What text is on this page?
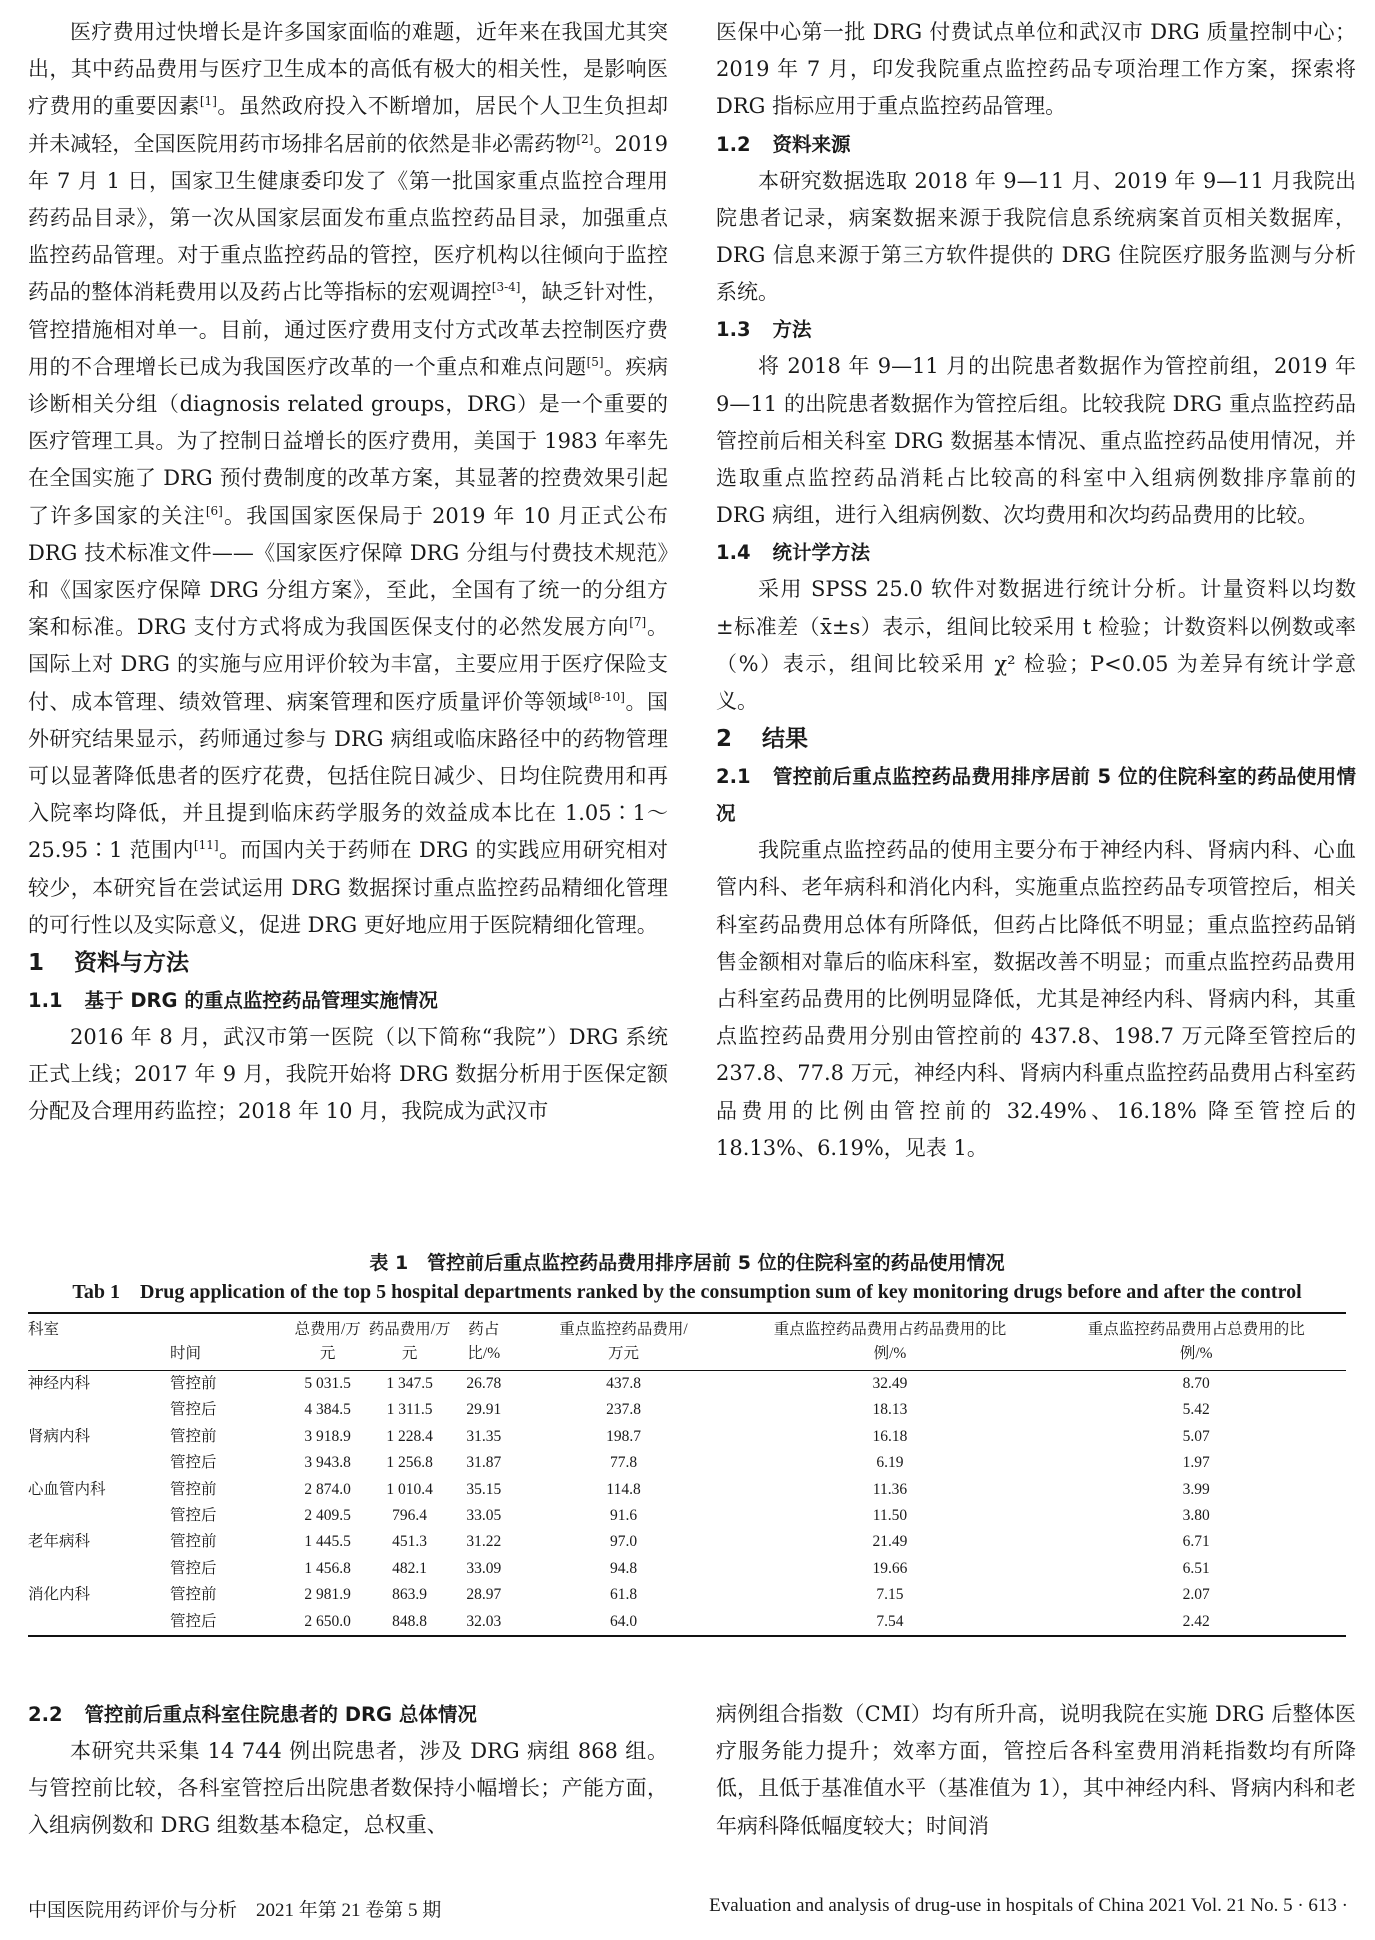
医疗费用过快增长是许多国家面临的难题，近年来在我国尤其突出，其中药品费用与医疗卫生成本的高低有极大的相关性，是影响医疗费用的重要因素[1]。虽然政府投入不断增加，居民个人卫生负担却并未减轻，全国医院用药市场排名居前的依然是非必需药物[2]。2019 年 7 月 1 日，国家卫生健康委印发了《第一批国家重点监控合理用药药品目录》，第一次从国家层面发布重点监控药品目录，加强重点监控药品管理。对于重点监控药品的管控，医疗机构以往倾向于监控药品的整体消耗费用以及药占比等指标的宏观调控[3-4]，缺乏针对性，管控措施相对单一。目前，通过医疗费用支付方式改革去控制医疗费用的不合理增长已成为我国医疗改革的一个重点和难点问题[5]。疾病诊断相关分组（diagnosis related groups，DRG）是一个重要的医疗管理工具。为了控制日益增长的医疗费用，美国于 1983 年率先在全国实施了 DRG 预付费制度的改革方案，其显著的控费效果引起了许多国家的关注[6]。我国国家医保局于 2019 年 10 月正式公布 DRG 技术标准文件——《国家医疗保障 DRG 分组与付费技术规范》和《国家医疗保障 DRG 分组方案》，至此，全国有了统一的分组方案和标准。DRG 支付方式将成为我国医保支付的必然发展方向[7]。国际上对 DRG 的实施与应用评价较为丰富，主要应用于医疗保险支付、成本管理、绩效管理、病案管理和医疗质量评价等领域[8-10]。国外研究结果显示，药师通过参与 DRG 病组或临床路径中的药物管理可以显著降低患者的医疗花费，包括住院日减少、日均住院费用和再入院率均降低，并且提到临床药学服务的效益成本比在 1.05∶1～25.95∶1 范围内[11]。而国内关于药师在 DRG 的实践应用研究相对较少，本研究旨在尝试运用 DRG 数据探讨重点监控药品精细化管理的可行性以及实际意义，促进 DRG 更好地应用于医院精细化管理。

1 资料与方法
1.1 基于 DRG 的重点监控药品管理实施情况

2016 年 8 月，武汉市第一医院（以下简称“我院”）DRG 系统正式上线；2017 年 9 月，我院开始将 DRG 数据分析用于医保定额分配及合理用药监控；2018 年 10 月，我院成为武汉市

医保中心第一批 DRG 付费试点单位和武汉市 DRG 质量控制中心；2019 年 7 月，印发我院重点监控药品专项治理工作方案，探索将 DRG 指标应用于重点监控药品管理。

1.2 资料来源

本研究数据选取 2018 年 9—11 月、2019 年 9—11 月我院出院患者记录，病案数据来源于我院信息系统病案首页相关数据库，DRG 信息来源于第三方软件提供的 DRG 住院医疗服务监测与分析系统。

1.3 方法

将 2018 年 9—11 月的出院患者数据作为管控前组，2019 年 9—11 的出院患者数据作为管控后组。比较我院 DRG 重点监控药品管控前后相关科室 DRG 数据基本情况、重点监控药品使用情况，并选取重点监控药品消耗占比较高的科室中入组病例数排序靠前的 DRG 病组，进行入组病例数、次均费用和次均药品费用的比较。

1.4 统计学方法

采用 SPSS 25.0 软件对数据进行统计分析。计量资料以均数±标准差（x̄±s）表示，组间比较采用 t 检验；计数资料以例数或率（%）表示，组间比较采用 χ² 检验；P<0.05 为差异有统计学意义。

2 结果
2.1 管控前后重点监控药品费用排序居前 5 位的住院科室的药品使用情况

我院重点监控药品的使用主要分布于神经内科、肾病内科、心血管内科、老年病科和消化内科，实施重点监控药品专项管控后，相关科室药品费用总体有所降低，但药占比降低不明显；重点监控药品销售金额相对靠后的临床科室，数据改善不明显；而重点监控药品费用占科室药品费用的比例明显降低，尤其是神经内科、肾病内科，其重点监控药品费用分别由管控前的 437.8、198.7 万元降至管控后的 237.8、77.8 万元，神经内科、肾病内科重点监控药品费用占科室药品费用的比例由管控前的 32.49%、16.18% 降至管控后的 18.13%、6.19%，见表 1。

表 1　管控前后重点监控药品费用排序居前 5 位的住院科室的药品使用情况
Tab 1　Drug application of the top 5 hospital departments ranked by the consumption sum of key monitoring drugs before and after the control
科室	时间	总费用/万元	药品费用/万元	药占比/%	重点监控药品费用/万元	重点监控药品费用占药品费用的比例/%	重点监控药品费用占总费用的比例/%
神经内科	管控前	5 031.5	1 347.5	26.78	437.8	32.49	8.70
	管控后	4 384.5	1 311.5	29.91	237.8	18.13	5.42
肾病内科	管控前	3 918.9	1 228.4	31.35	198.7	16.18	5.07
	管控后	3 943.8	1 256.8	31.87	77.8	6.19	1.97
心血管内科	管控前	2 874.0	1 010.4	35.15	114.8	11.36	3.99
	管控后	2 409.5	796.4	33.05	91.6	11.50	3.80
老年病科	管控前	1 445.5	451.3	31.22	97.0	21.49	6.71
	管控后	1 456.8	482.1	33.09	94.8	19.66	6.51
消化内科	管控前	2 981.9	863.9	28.97	61.8	7.15	2.07
	管控后	2 650.0	848.8	32.03	64.0	7.54	2.42
2.2 管控前后重点科室住院患者的 DRG 总体情况

本研究共采集 14 744 例出院患者，涉及 DRG 病组 868 组。与管控前比较，各科室管控后出院患者数保持小幅增长；产能方面，入组病例数和 DRG 组数基本稳定，总权重、

病例组合指数（CMI）均有所升高，说明我院在实施 DRG 后整体医疗服务能力提升；效率方面，管控后各科室费用消耗指数均有所降低，且低于基准值水平（基准值为 1），其中神经内科、肾病内科和老年病科降低幅度较大；时间消

中国医院用药评价与分析　2021 年第 21 卷第 5 期	Evaluation and analysis of drug-use in hospitals of China 2021 Vol. 21 No. 5 · 613 ·
